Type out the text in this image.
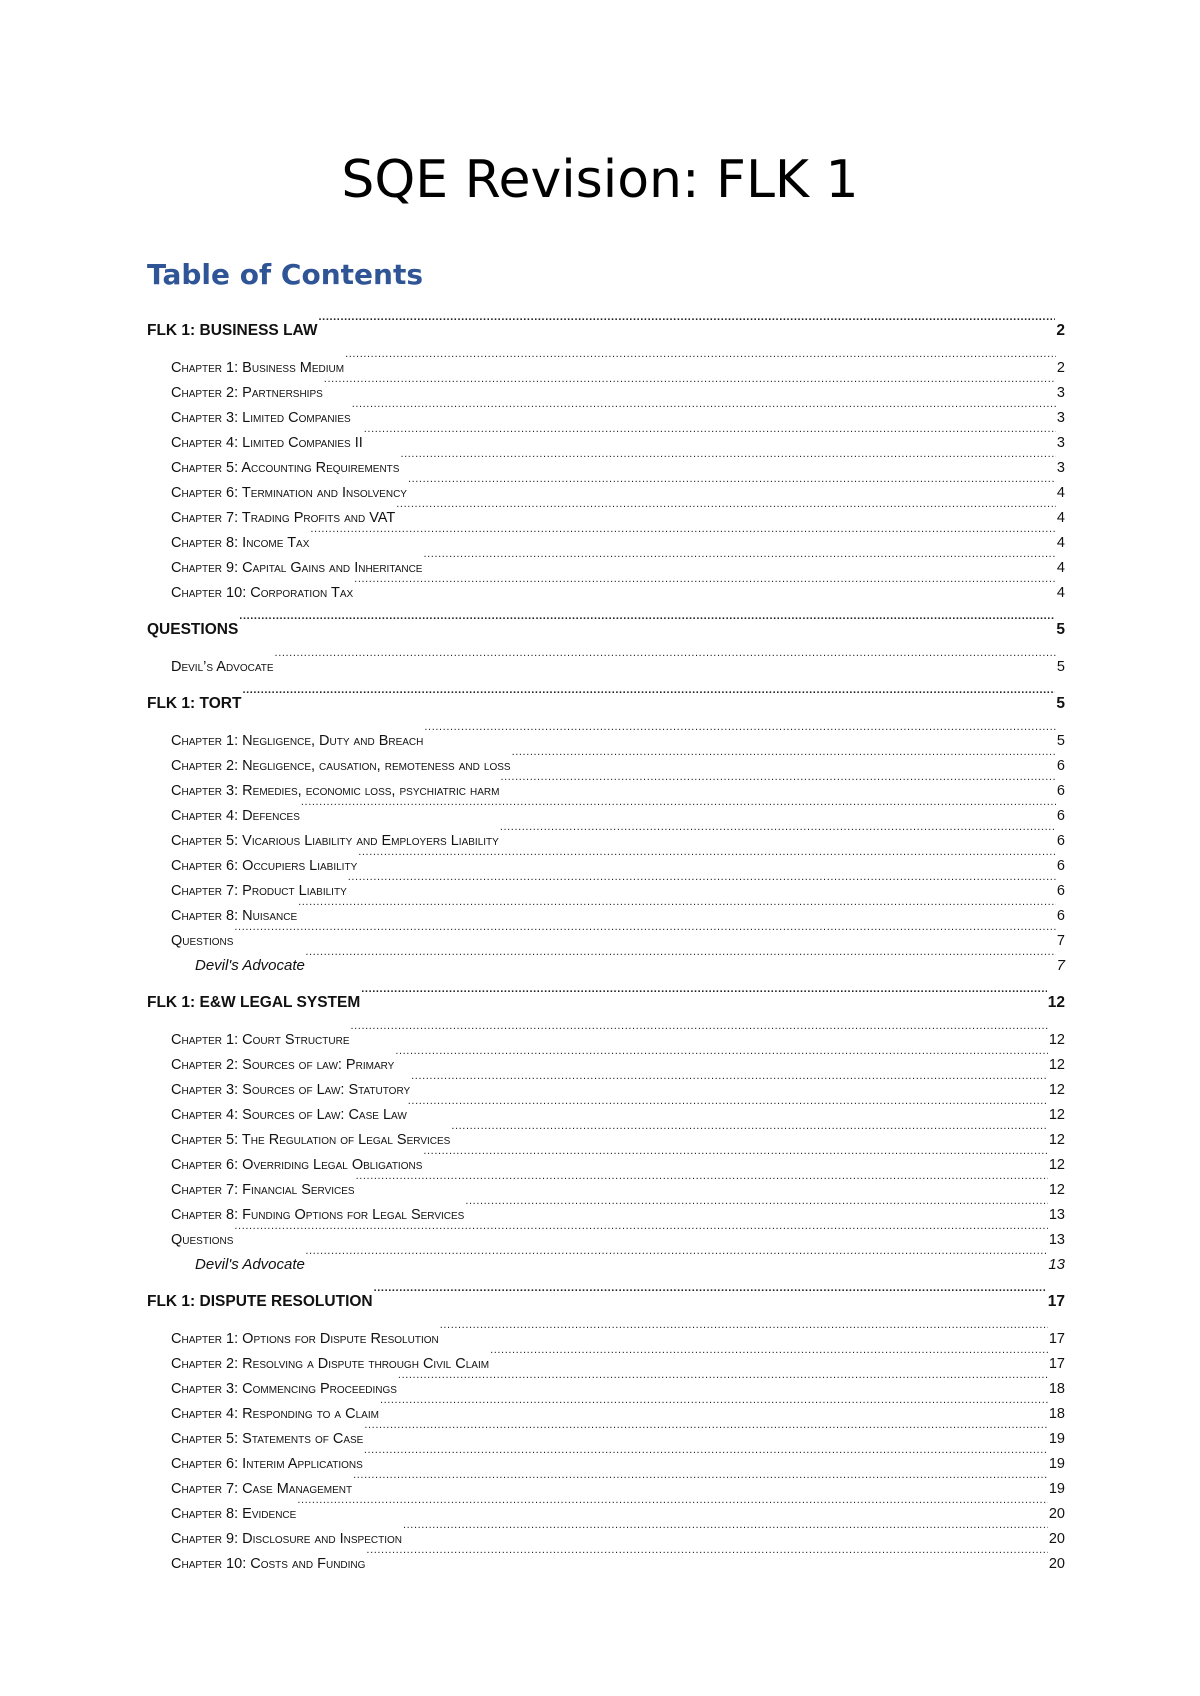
SQE Revision: FLK 1
Table of Contents
FLK 1: BUSINESS LAW .....	2
Chapter 1: Business Medium .....	2
Chapter 2: Partnerships .....	3
Chapter 3: Limited Companies .....	3
Chapter 4: Limited Companies II .....	3
Chapter 5: Accounting Requirements .....	3
Chapter 6: Termination and Insolvency .....	4
Chapter 7: Trading Profits and VAT .....	4
Chapter 8: Income Tax .....	4
Chapter 9: Capital Gains and Inheritance .....	4
Chapter 10: Corporation Tax .....	4
QUESTIONS .....	5
Devil’s Advocate .....	5
FLK 1: TORT .....	5
Chapter 1: Negligence, Duty and Breach .....	5
Chapter 2: Negligence, causation, remoteness and loss .....	6
Chapter 3: Remedies, economic loss, psychiatric harm .....	6
Chapter 4: Defences .....	6
Chapter 5: Vicarious Liability and Employers Liability .....	6
Chapter 6: Occupiers Liability .....	6
Chapter 7: Product Liability .....	6
Chapter 8: Nuisance .....	6
Questions .....	7
Devil's Advocate .....	7
FLK 1: E&W LEGAL SYSTEM .....	12
Chapter 1: Court Structure .....	12
Chapter 2: Sources of law: Primary .....	12
Chapter 3: Sources of Law: Statutory .....	12
Chapter 4: Sources of Law: Case Law .....	12
Chapter 5: The Regulation of Legal Services .....	12
Chapter 6: Overriding Legal Obligations .....	12
Chapter 7: Financial Services .....	12
Chapter 8: Funding Options for Legal Services .....	13
Questions .....	13
Devil's Advocate .....	13
FLK 1: DISPUTE RESOLUTION .....	17
Chapter 1: Options for Dispute Resolution .....	17
Chapter 2: Resolving a Dispute through Civil Claim .....	17
Chapter 3: Commencing Proceedings .....	18
Chapter 4: Responding to a Claim .....	18
Chapter 5: Statements of Case .....	19
Chapter 6: Interim Applications .....	19
Chapter 7: Case Management .....	19
Chapter 8: Evidence .....	20
Chapter 9: Disclosure and Inspection .....	20
Chapter 10: Costs and Funding .....	20
